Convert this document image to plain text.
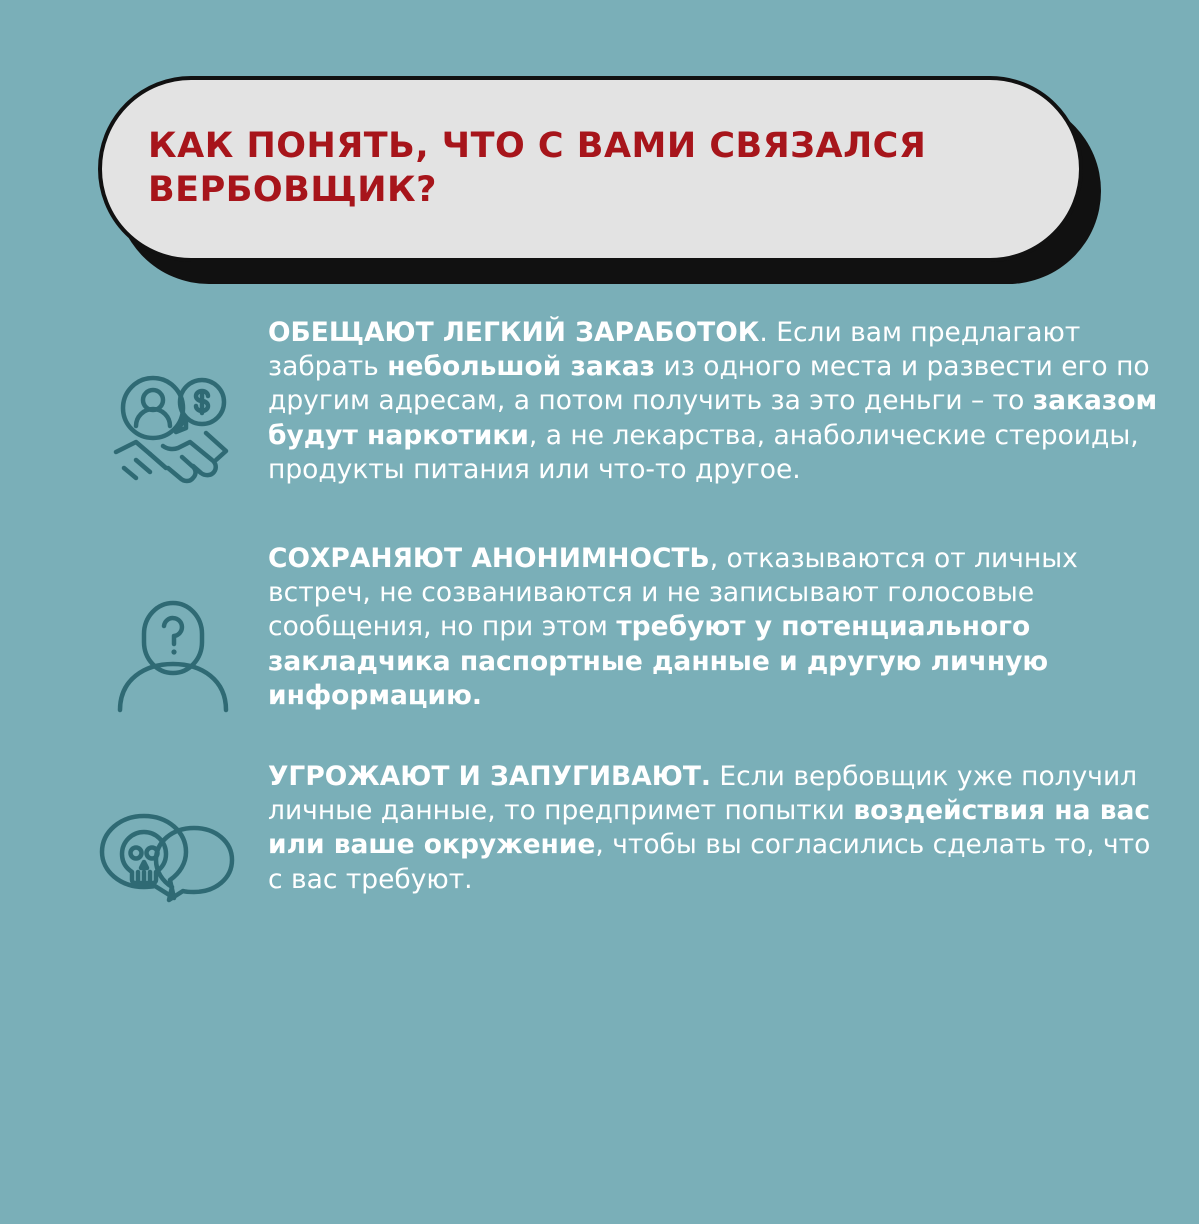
КАК ПОНЯТЬ, ЧТО С ВАМИ СВЯЗАЛСЯ ВЕРБОВЩИК?
ОБЕЩАЮТ ЛЕГКИЙ ЗАРАБОТОК. Если вам предлагают забрать небольшой заказ из одного места и развести его по другим адресам, а потом получить за это деньги – то заказом будут наркотики, а не лекарства, анаболические стероиды, продукты питания или что-то другое.
СОХРАНЯЮТ АНОНИМНОСТЬ, отказываются от личных встреч, не созваниваются и не записывают голосовые сообщения, но при этом требуют у потенциального закладчика паспортные данные и другую личную информацию.
УГРОЖАЮТ И ЗАПУГИВАЮТ. Если вербовщик уже получил личные данные, то предпримет попытки воздействия на вас или ваше окружение, чтобы вы согласились сделать то, что с вас требуют.
